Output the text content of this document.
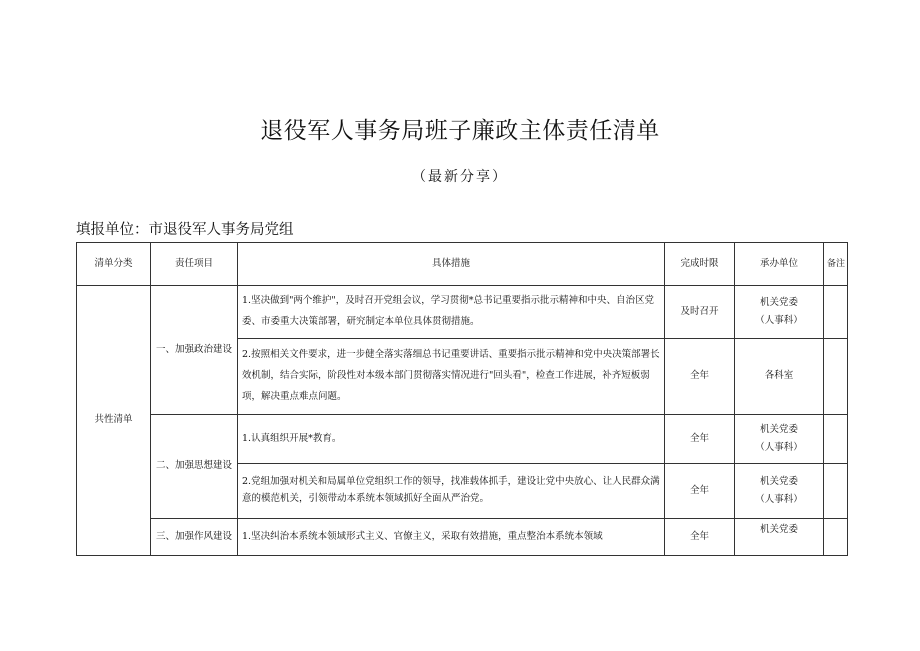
退役军人事务局班子廉政主体责任清单
（最新分享）
填报单位：市退役军人事务局党组
清单分类	责任项目	具体措施	完成时限	承办单位	备注
共性清单	一、加强政治建设	1.坚决做到"两个维护"，及时召开党组会议，学习贯彻*总书记重要指示批示精神和中央、自治区党委、市委重大决策部署，研究制定本单位具体贯彻措施。	及时召开	机关党委
（人事科）	

		2.按照相关文件要求，进一步健全落实落细总书记重要讲话、重要指示批示精神和党中央决策部署长效机制，结合实际，阶段性对本级本部门贯彻落实情况进行"回头看"，检查工作进展，补齐短板弱项，解决重点难点问题。	全年	各科室	
	二、加强思想建设	1.认真组织开展*教育。	全年	机关党委
（人事科）	

		2.党组加强对机关和局属单位党组织工作的领导，找准载体抓手，建设让党中央放心、让人民群众满意的模范机关，引领带动本系统本领域抓好全面从严治党。	全年	机关党委
（人事科）	

	三、加强作风建设	1.坚决纠治本系统本领域形式主义、官僚主义，采取有效措施，重点整治本系统本领域	全年	机关党委	
